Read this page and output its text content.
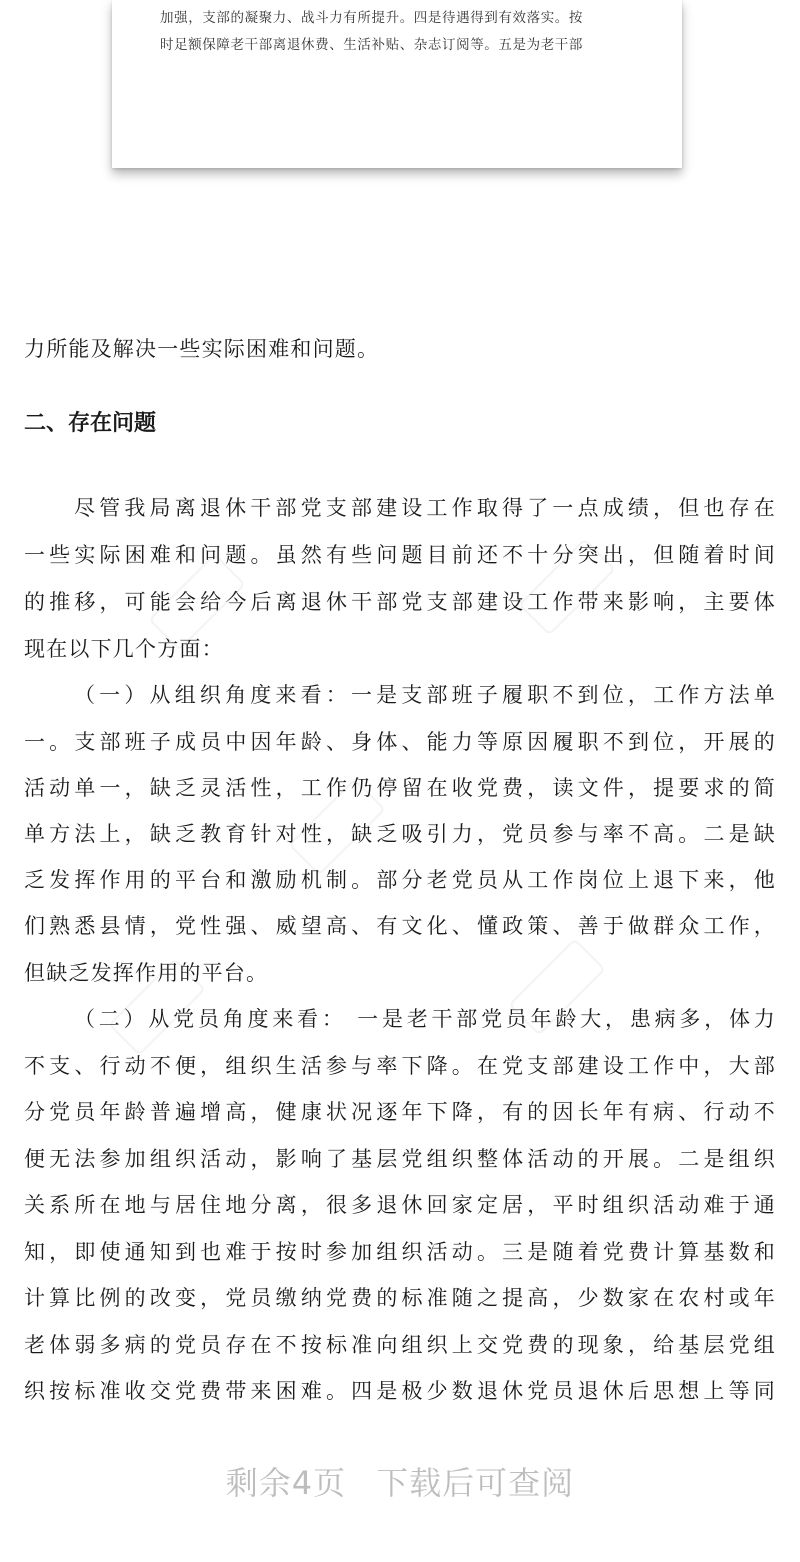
加强，支部的凝聚力、战斗力有所提升。四是待遇得到有效落实。按
时足额保障老干部离退休费、生活补贴、杂志订阅等。五是为老干部
力所能及解决一些实际困难和问题。
二、存在问题
尽管我局离退休干部党支部建设工作取得了一点成绩，但也存在
一些实际困难和问题。虽然有些问题目前还不十分突出，但随着时间
的推移，可能会给今后离退休干部党支部建设工作带来影响，主要体
现在以下几个方面：
（一）从组织角度来看：一是支部班子履职不到位，工作方法单
一。支部班子成员中因年龄、身体、能力等原因履职不到位，开展的
活动单一，缺乏灵活性，工作仍停留在收党费，读文件，提要求的简
单方法上，缺乏教育针对性，缺乏吸引力，党员参与率不高。二是缺
乏发挥作用的平台和激励机制。部分老党员从工作岗位上退下来，他
们熟悉县情，党性强、威望高、有文化、懂政策、善于做群众工作，
但缺乏发挥作用的平台。
（二）从党员角度来看： 一是老干部党员年龄大，患病多，体力
不支、行动不便，组织生活参与率下降。在党支部建设工作中，大部
分党员年龄普遍增高，健康状况逐年下降，有的因长年有病、行动不
便无法参加组织活动，影响了基层党组织整体活动的开展。二是组织
关系所在地与居住地分离，很多退休回家定居，平时组织活动难于通
知，即使通知到也难于按时参加组织活动。三是随着党费计算基数和
计算比例的改变，党员缴纳党费的标准随之提高，少数家在农村或年
老体弱多病的党员存在不按标准向组织上交党费的现象，给基层党组
织按标准收交党费带来困难。四是极少数退休党员退休后思想上等同
剩余4页 下载后可查阅
